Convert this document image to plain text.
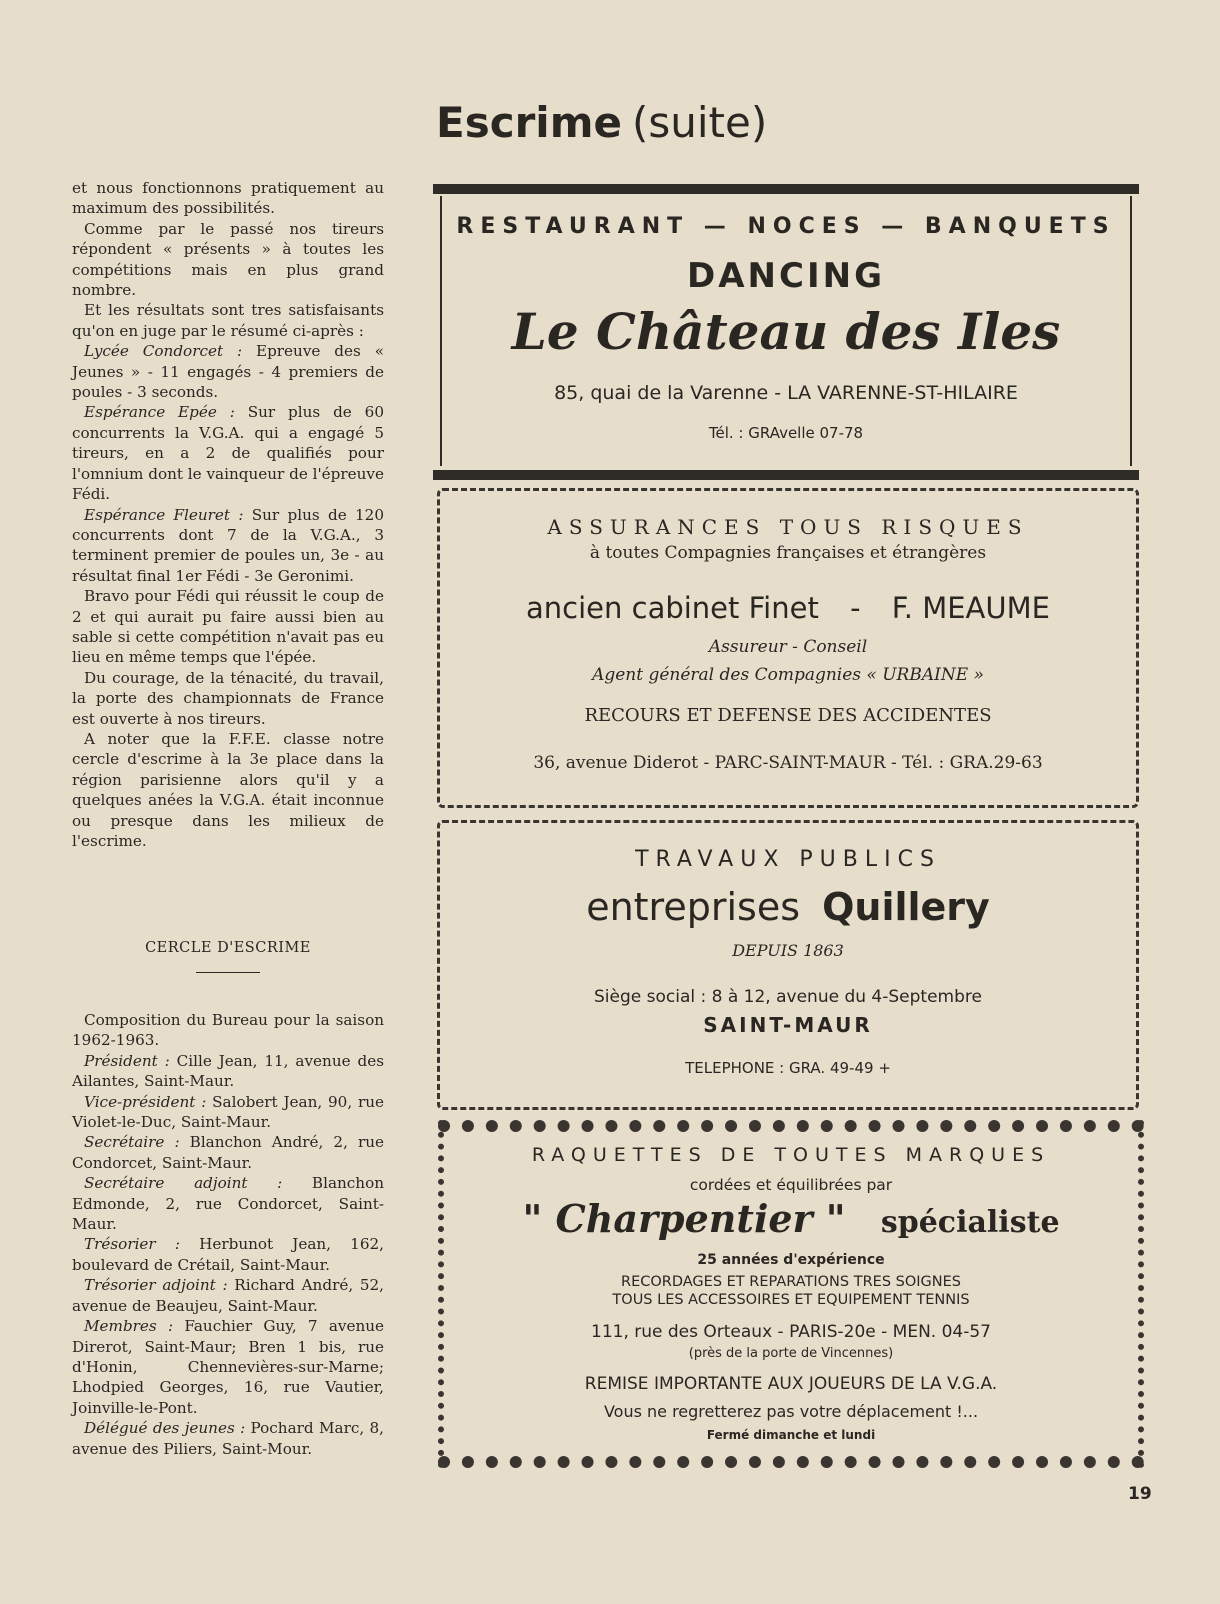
Escrime (suite)

et nous fonctionnons pratiquement au maximum des possibilités.

Comme par le passé nos tireurs répondent « présents » à toutes les compétitions mais en plus grand nombre.

Et les résultats sont tres satisfaisants qu'on en juge par le résumé ci-après :

Lycée Condorcet : Epreuve des « Jeunes » - 11 engagés - 4 premiers de poules - 3 seconds.

Espérance Epée : Sur plus de 60 concurrents la V.G.A. qui a engagé 5 tireurs, en a 2 de qualifiés pour l'omnium dont le vainqueur de l'épreuve Fédi.

Espérance Fleuret : Sur plus de 120 concurrents dont 7 de la V.G.A., 3 terminent premier de poules un, 3e - au résultat final 1er Fédi - 3e Geronimi.

Bravo pour Fédi qui réussit le coup de 2 et qui aurait pu faire aussi bien au sable si cette compétition n'avait pas eu lieu en même temps que l'épée.

Du courage, de la ténacité, du travail, la porte des championnats de France est ouverte à nos tireurs.

A noter que la F.F.E. classe notre cercle d'escrime à la 3e place dans la région parisienne alors qu'il y a quelques anées la V.G.A. était inconnue ou presque dans les milieux de l'escrime.

CERCLE D'ESCRIME

Composition du Bureau pour la saison 1962-1963.

Président : Cille Jean, 11, avenue des Ailantes, Saint-Maur.

Vice-président : Salobert Jean, 90, rue Violet-le-Duc, Saint-Maur.

Secrétaire : Blanchon André, 2, rue Condorcet, Saint-Maur.

Secrétaire adjoint : Blanchon Edmonde, 2, rue Condorcet, Saint-Maur.

Trésorier : Herbunot Jean, 162, boulevard de Crétail, Saint-Maur.

Trésorier adjoint : Richard André, 52, avenue de Beaujeu, Saint-Maur.

Membres : Fauchier Guy, 7 avenue Direrot, Saint-Maur; Bren 1 bis, rue d'Honin, Chennevières-sur-Marne; Lhodpied Georges, 16, rue Vautier, Joinville-le-Pont.

Délégué des jeunes : Pochard Marc, 8, avenue des Piliers, Saint-Mour.

RESTAURANT — NOCES — BANQUETS
DANCING
Le Château des Iles
85, quai de la Varenne - LA VARENNE-ST-HILAIRE
Tél. : GRAvelle 07-78
ASSURANCES TOUS RISQUES
à toutes Compagnies françaises et étrangères
ancien cabinet Finet - F. MEAUME
Assureur - Conseil
Agent général des Compagnies « URBAINE »
RECOURS ET DEFENSE DES ACCIDENTES
36, avenue Diderot - PARC-SAINT-MAUR - Tél. : GRA.29-63
TRAVAUX PUBLICS
entreprises Quillery
DEPUIS 1863
Siège social : 8 à 12, avenue du 4-Septembre
SAINT-MAUR
TELEPHONE : GRA. 49-49 +
RAQUETTES DE TOUTES MARQUES
cordées et équilibrées par
" Charpentier " spécialiste
25 années d'expérience
RECORDAGES ET REPARATIONS TRES SOIGNES
TOUS LES ACCESSOIRES ET EQUIPEMENT TENNIS
111, rue des Orteaux - PARIS-20e - MEN. 04-57
(près de la porte de Vincennes)
REMISE IMPORTANTE AUX JOUEURS DE LA V.G.A.
Vous ne regretterez pas votre déplacement !...
Fermé dimanche et lundi
19
